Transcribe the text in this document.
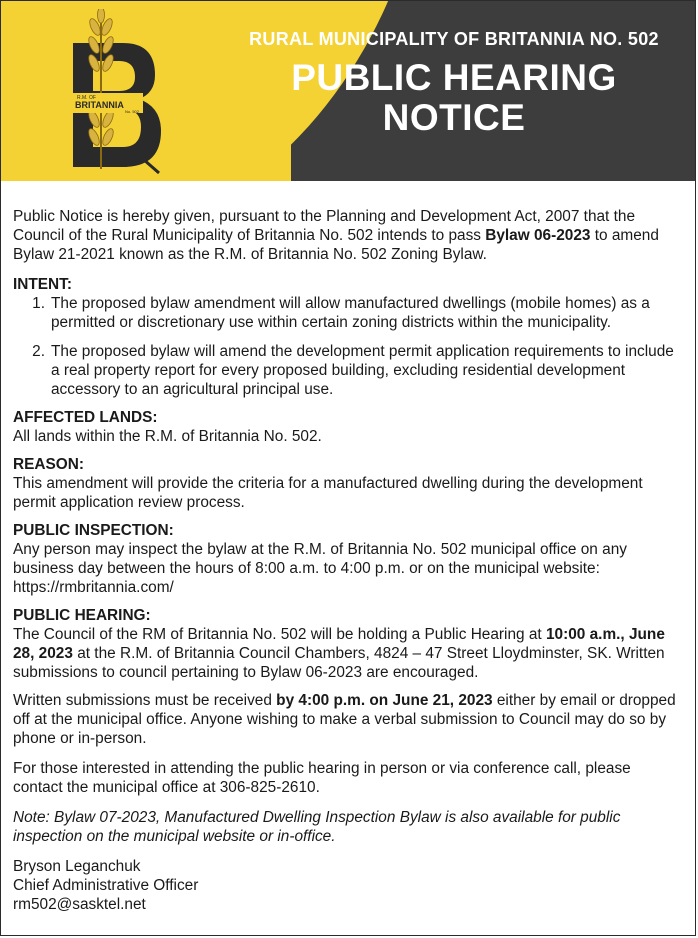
R.M. OF
BRITANNIA
No. 502
RURAL MUNICIPALITY OF BRITANNIA NO. 502
PUBLIC HEARING
NOTICE

Public Notice is hereby given, pursuant to the Planning and Development Act, 2007 that the Council of the Rural Municipality of Britannia No. 502 intends to pass Bylaw 06-2023 to amend Bylaw 21-2021 known as the R.M. of Britannia No. 502 Zoning Bylaw.

INTENT:
1. The proposed bylaw amendment will allow manufactured dwellings (mobile homes) as a permitted or discretionary use within certain zoning districts within the municipality.
2. The proposed bylaw will amend the development permit application requirements to include a real property report for every proposed building, excluding residential development accessory to an agricultural principal use.
AFFECTED LANDS:
All lands within the R.M. of Britannia No. 502.
REASON:
This amendment will provide the criteria for a manufactured dwelling during the development permit application review process.
PUBLIC INSPECTION:
Any person may inspect the bylaw at the R.M. of Britannia No. 502 municipal office on any business day between the hours of 8:00 a.m. to 4:00 p.m. or on the municipal website:
https://rmbritannia.com/
PUBLIC HEARING:
The Council of the RM of Britannia No. 502 will be holding a Public Hearing at 10:00 a.m., June 28, 2023 at the R.M. of Britannia Council Chambers, 4824 – 47 Street Lloydminster, SK. Written submissions to council pertaining to Bylaw 06-2023 are encouraged.

Written submissions must be received by 4:00 p.m. on June 21, 2023 either by email or dropped off at the municipal office. Anyone wishing to make a verbal submission to Council may do so by phone or in-person.

For those interested in attending the public hearing in person or via conference call, please contact the municipal office at 306-825-2610.

Note: Bylaw 07-2023, Manufactured Dwelling Inspection Bylaw is also available for public inspection on the municipal website or in-office.

Bryson Leganchuk
Chief Administrative Officer
rm502@sasktel.net
